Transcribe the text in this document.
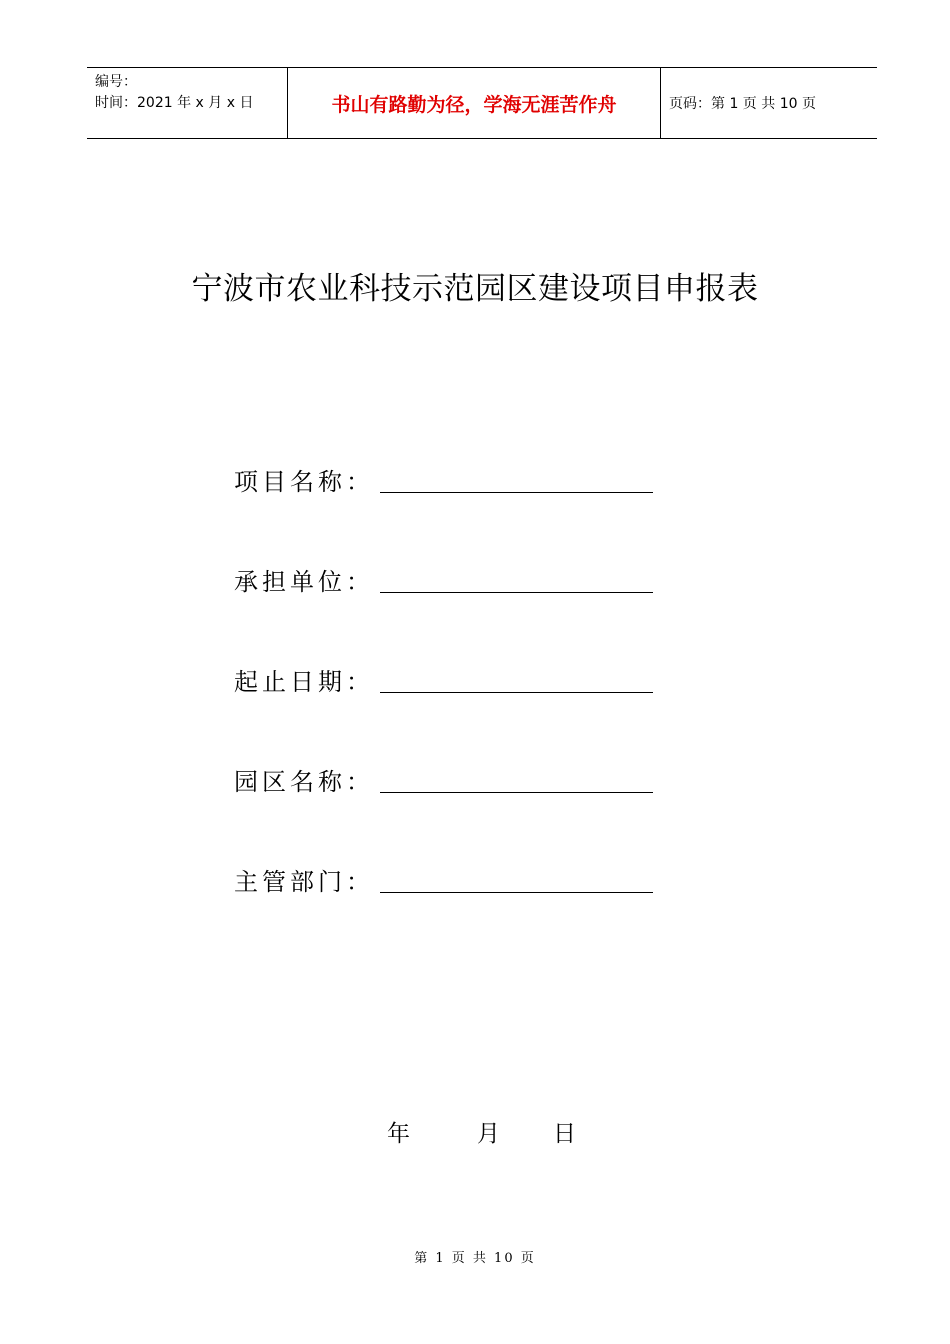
编号：
时间：2021 年 x 月 x 日	书山有路勤为径，学海无涯苦作舟	页码：第 1 页 共 10 页
宁波市农业科技示范园区建设项目申报表
项目名称：
承担单位：
起止日期：
园区名称：
主管部门：
年	月 日
第 1 页 共 10 页
